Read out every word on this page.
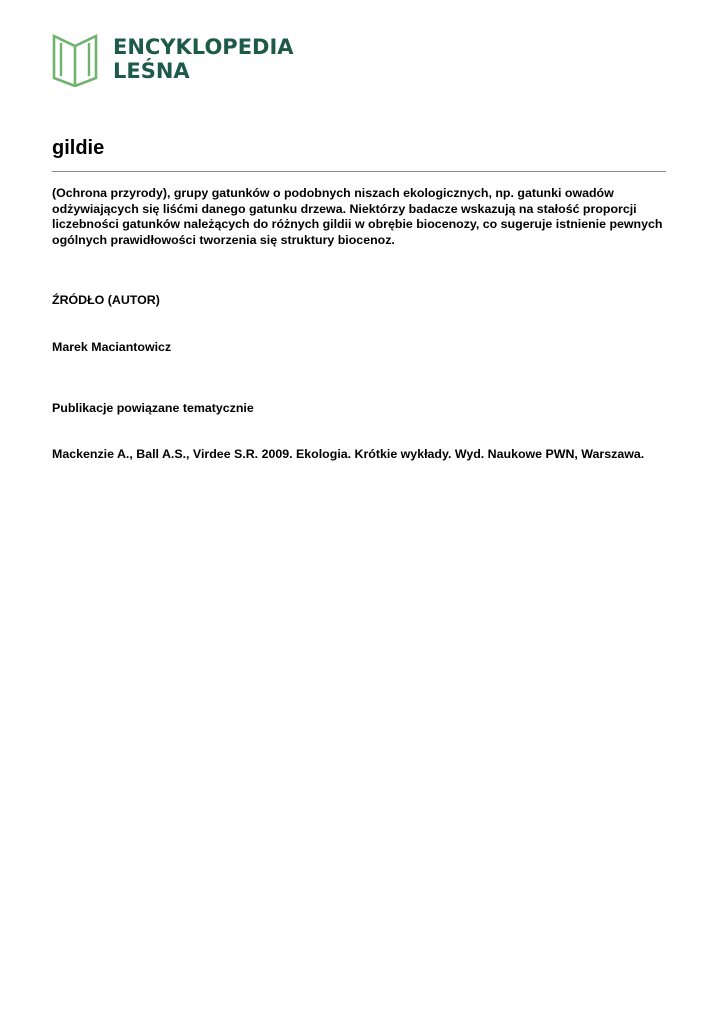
ENCYKLOPEDIA
LEŚNA
gildie

(Ochrona przyrody), grupy gatunków o podobnych niszach ekologicznych, np. gatunki owadów odżywiających się liśćmi danego gatunku drzewa. Niektórzy badacze wskazują na stałość proporcji liczebności gatunków należących do różnych gildii w obrębie biocenozy, co sugeruje istnienie pewnych ogólnych prawidłowości tworzenia się struktury biocenoz.

ŹRÓDŁO (AUTOR)

Marek Maciantowicz

Publikacje powiązane tematycznie

Mackenzie A., Ball A.S., Virdee S.R. 2009. Ekologia. Krótkie wykłady. Wyd. Naukowe PWN, Warszawa.
